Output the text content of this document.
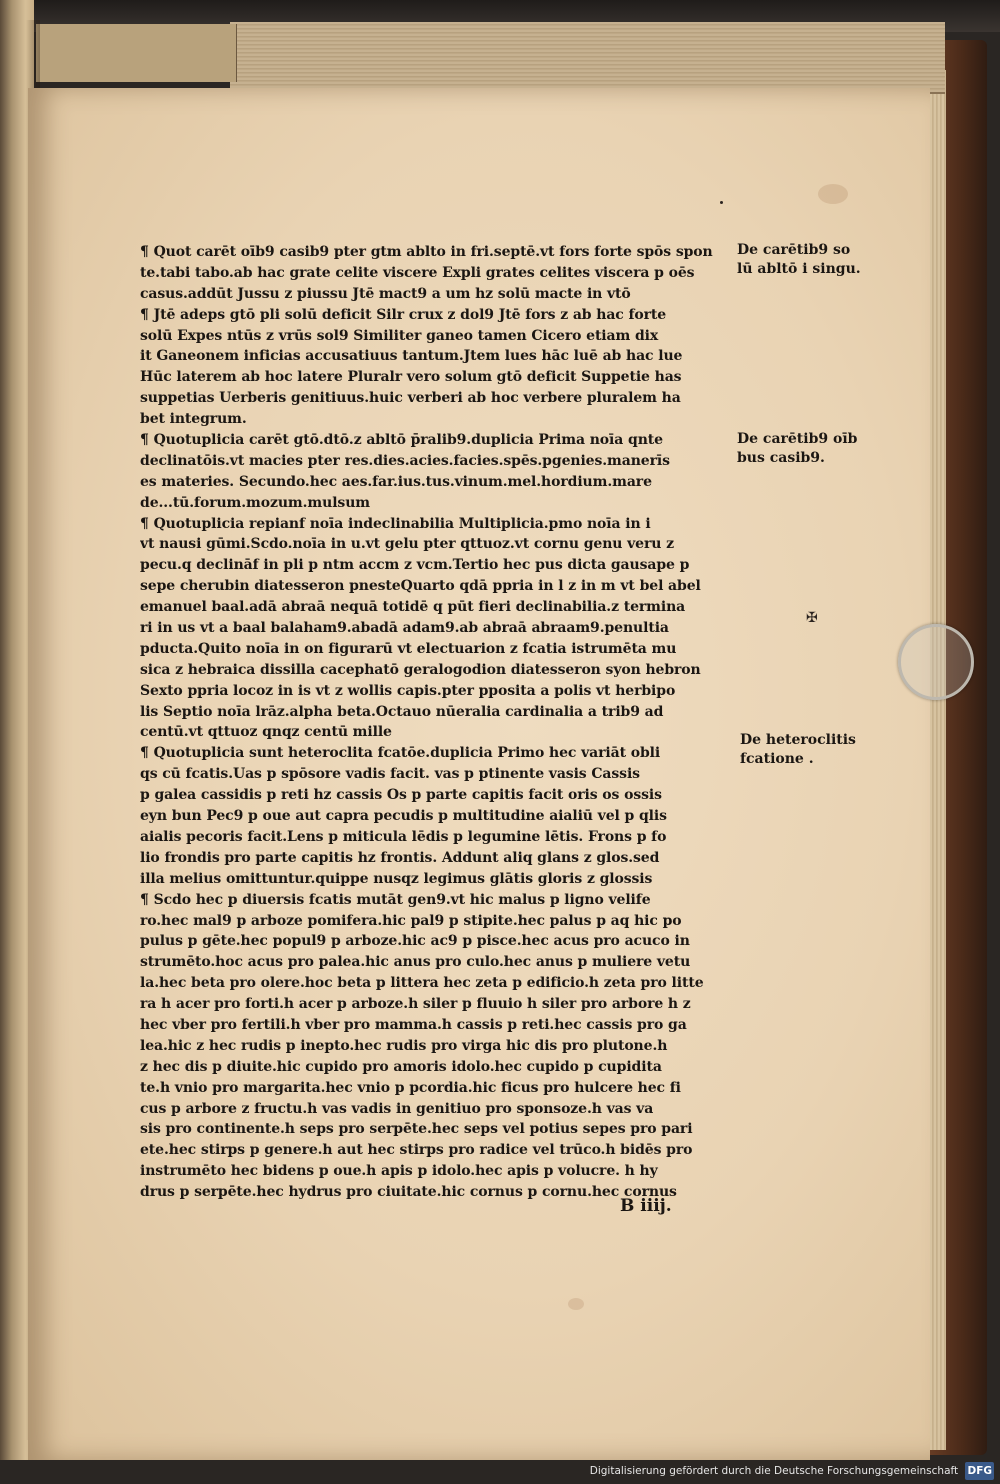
✠
¶ Quot carēt oīb9 casib9 pter gtm ablto in fri.septē.vt fors forte spōs spon
te.tabi tabo.ab hac grate celite viscere Expli grates celites viscera p oēs
casus.addūt Jussu z piussu Jtē mact9 a um hz solū macte in vtō
¶ Jtē adeps gtō pli solū deficit Silr crux z dol9 Jtē fors z ab hac forte
solū Expes ntūs z vrūs sol9 Similiter ganeo tamen Cicero etiam dix
it Ganeonem inficias accusatiuus tantum.Jtem lues hāc luē ab hac lue
Hūc laterem ab hoc latere Pluralr vero solum gtō deficit Suppetie has
suppetias Uerberis genitiuus.huic verberi ab hoc verbere pluralem ha
bet integrum.
¶ Quotuplicia carēt gtō.dtō.z abltō p̄ralib9.duplicia Prima noīa qnte
declinatōis.vt macies pter res.dies.acies.facies.spēs.pgenies.manerīs
es materies. Secundo.hec aes.far.ius.tus.vinum.mel.hordium.mare
de...tū.forum.mozum.mulsum
¶ Quotuplicia repianf noīa indeclinabilia Multiplicia.pmo noīa in i
vt nausi gūmi.Scdo.noīa in u.vt gelu pter qttuoz.vt cornu genu veru z
pecu.q declināf in pli p ntm accm z vcm.Tertio hec pus dicta gausape p
sepe cherubin diatesseron pnesteQuarto qdā ppria in l z in m vt bel abel
emanuel baal.adā abraā nequā totidē q pūt fieri declinabilia.z termina
ri in us vt a baal balaham9.abadā adam9.ab abraā abraam9.penultia
pducta.Quito noīa in on figurarū vt electuarion z fcatia istrumēta mu
sica z hebraica dissilla cacephatō geralogodion diatesseron syon hebron
Sexto ppria locoz in is vt z wollis capis.pter pposita a polis vt herbipo
lis Septio noīa lrāz.alpha beta.Octauo nūeralia cardinalia a trib9 ad
centū.vt qttuoz qnqz centū mille
¶ Quotuplicia sunt heteroclita fcatōe.duplicia Primo hec variāt obli
qs cū fcatis.Uas p spōsore vadis facit. vas p ptinente vasis Cassis
p galea cassidis p reti hz cassis Os p parte capitis facit oris os ossis
eyn bun Pec9 p oue aut capra pecudis p multitudine aialiū vel p qlis
aialis pecoris facit.Lens p miticula lēdis p legumine lētis. Frons p fo
lio frondis pro parte capitis hz frontis. Addunt aliq glans z glos.sed
illa melius omittuntur.quippe nusqz legimus glātis gloris z glossis
¶ Scdo hec p diuersis fcatis mutāt gen9.vt hic malus p ligno velife
ro.hec mal9 p arboze pomifera.hic pal9 p stipite.hec palus p aq hic po
pulus p gēte.hec popul9 p arboze.hic ac9 p pisce.hec acus pro acuco in
strumēto.hoc acus pro palea.hic anus pro culo.hec anus p muliere vetu
la.hec beta pro olere.hoc beta p littera hec zeta p edificio.h zeta pro litte
ra h acer pro forti.h acer p arboze.h siler p fluuio h siler pro arbore h z
hec vber pro fertili.h vber pro mamma.h cassis p reti.hec cassis pro ga
lea.hic z hec rudis p inepto.hec rudis pro virga hic dis pro plutone.h
z hec dis p diuite.hic cupido pro amoris idolo.hec cupido p cupidita
te.h vnio pro margarita.hec vnio p pcordia.hic ficus pro hulcere hec fi
cus p arbore z fructu.h vas vadis in genitiuo pro sponsoze.h vas va
sis pro continente.h seps pro serpēte.hec seps vel potius sepes pro pari
ete.hec stirps p genere.h aut hec stirps pro radice vel trūco.h bidēs pro
instrumēto hec bidens p oue.h apis p idolo.hec apis p volucre. h hy
drus p serpēte.hec hydrus pro ciuitate.hic cornus p cornu.hec cornus
De carētib9 so
lū abltō i singu.
De carētib9 oīb
bus casib9.
De heteroclitis
fcatione .
B iiij.
Digitalisierung gefördert durch die Deutsche Forschungsgemeinschaft DFG
